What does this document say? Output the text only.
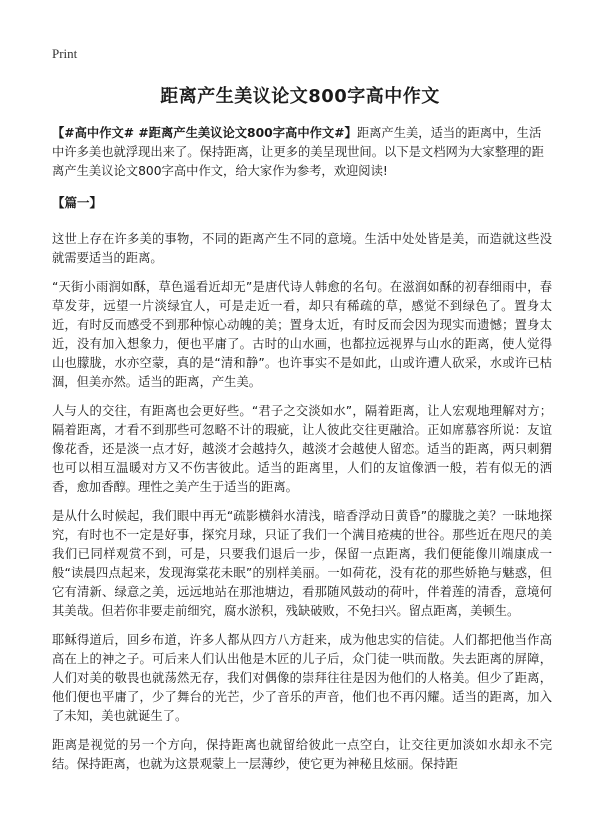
Print
距离产生美议论文800字高中作文

【#高中作文# #距离产生美议论文800字高中作文#】距离产生美，适当的距离中，生活中许多美也就浮现出来了。保持距离，让更多的美呈现世间。以下是文档网为大家整理的距离产生美议论文800字高中作文，给大家作为参考，欢迎阅读!

【篇一】

这世上存在许多美的事物，不同的距离产生不同的意境。生活中处处皆是美，而造就这些没就需要适当的距离。

“天街小雨润如酥，草色遥看近却无”是唐代诗人韩愈的名句。在滋润如酥的初春细雨中，春草发芽，远望一片淡绿宜人，可是走近一看，却只有稀疏的草，感觉不到绿色了。置身太近，有时反而感受不到那种惊心动魄的美；置身太近，有时反而会因为现实而遗憾；置身太近，没有加入想象力，便也平庸了。古时的山水画，也都拉远视界与山水的距离，使人觉得山也朦胧，水亦空蒙，真的是“清和静”。也许事实不是如此，山或许遭人砍采，水或许已枯涸，但美亦然。适当的距离，产生美。

人与人的交往，有距离也会更好些。“君子之交淡如水”，隔着距离，让人宏观地理解对方；隔着距离，才看不到那些可忽略不计的瑕疵，让人彼此交往更融洽。正如席慕容所说：友谊像花香，还是淡一点才好，越淡才会越持久，越淡才会越使人留恋。适当的距离，两只刺猬也可以相互温暖对方又不伤害彼此。适当的距离里，人们的友谊像洒一般，若有似无的洒香，愈加香醇。理性之美产生于适当的距离。

是从什么时候起，我们眼中再无“疏影横斜水清浅，暗香浮动日黄昏”的朦胧之美？一昧地探究，有时也不一定是好事，探究月球，只证了我们一个满目疮痍的世谷。那些近在咫尺的美我们已同样观赏不到，可是，只要我们退后一步，保留一点距离，我们便能像川端康成一般“读晨四点起来，发现海棠花未眠”的别样美丽。一如荷花，没有花的那些娇艳与魅惑，但它有清新、绿意之美，远远地站在那池塘边，看那随风鼓动的荷叶，伴着莲的清香，意境何其美哉。但若你非要走前细究，腐水淤积，残缺破败，不免扫兴。留点距离，美顿生。

耶稣得道后，回乡布道，许多人都从四方八方赶来，成为他忠实的信徒。人们都把他当作高高在上的神之子。可后来人们认出他是木匠的儿子后，众门徒一哄而散。失去距离的屏障，人们对美的敬畏也就荡然无存，我们对偶像的崇拜往往是因为他们的人格美。但少了距离，他们便也平庸了，少了舞台的光芒，少了音乐的声音，他们也不再闪耀。适当的距离，加入了未知，美也就诞生了。

距离是视觉的另一个方向，保持距离也就留给彼此一点空白，让交往更加淡如水却永不完结。保持距离，也就为这景观蒙上一层薄纱，使它更为神秘且炫丽。保持距
